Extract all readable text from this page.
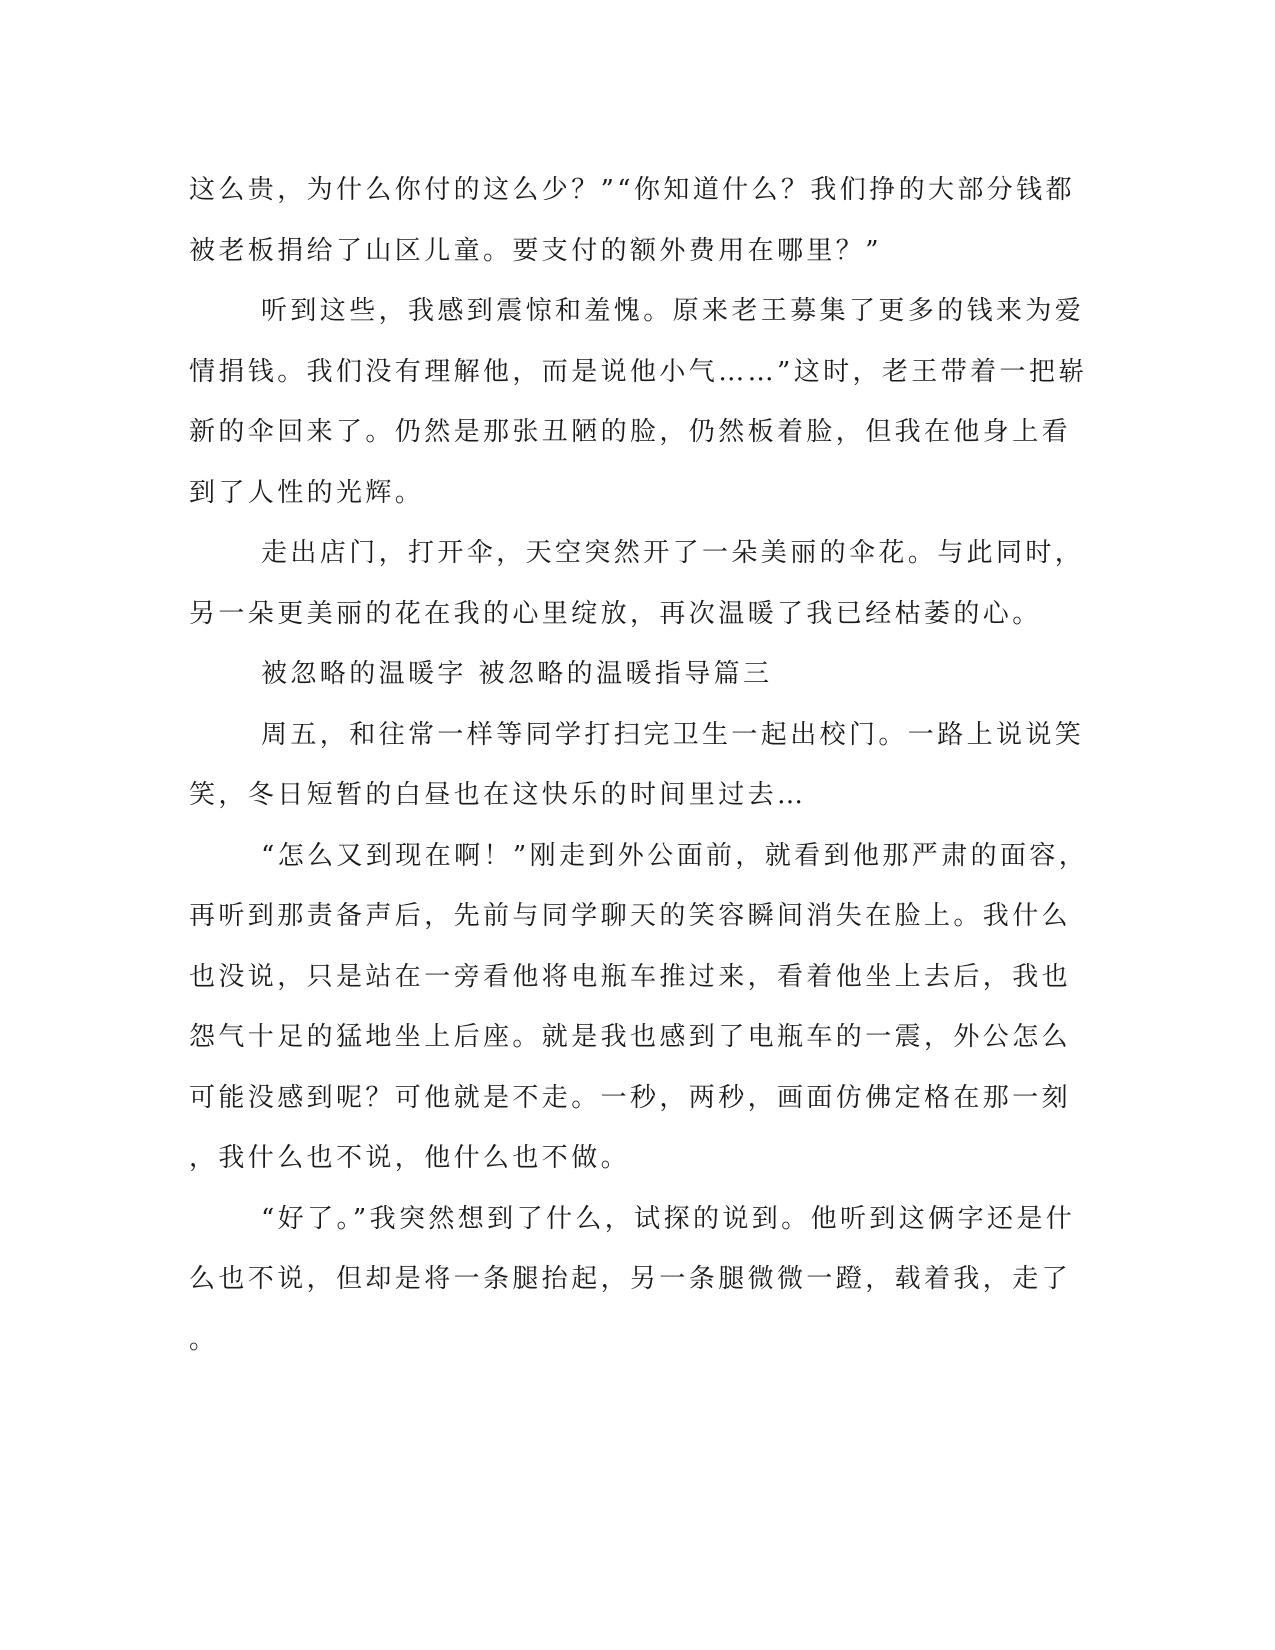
这么贵，为什么你付的这么少？”“你知道什么？我们挣的大部分钱都
被老板捐给了山区儿童。要支付的额外费用在哪里？”
听到这些，我感到震惊和羞愧。原来老王募集了更多的钱来为爱
情捐钱。我们没有理解他，而是说他小气……”这时，老王带着一把崭
新的伞回来了。仍然是那张丑陋的脸，仍然板着脸，但我在他身上看
到了人性的光辉。
走出店门，打开伞，天空突然开了一朵美丽的伞花。与此同时，
另一朵更美丽的花在我的心里绽放，再次温暖了我已经枯萎的心。
被忽略的温暖字 被忽略的温暖指导篇三
周五，和往常一样等同学打扫完卫生一起出校门。一路上说说笑
笑，冬日短暂的白昼也在这快乐的时间里过去…
“怎么又到现在啊！”刚走到外公面前，就看到他那严肃的面容，
再听到那责备声后，先前与同学聊天的笑容瞬间消失在脸上。我什么
也没说，只是站在一旁看他将电瓶车推过来，看着他坐上去后，我也
怨气十足的猛地坐上后座。就是我也感到了电瓶车的一震，外公怎么
可能没感到呢？可他就是不走。一秒，两秒，画面仿佛定格在那一刻
，我什么也不说，他什么也不做。
“好了。”我突然想到了什么，试探的说到。他听到这俩字还是什
么也不说，但却是将一条腿抬起，另一条腿微微一蹬，载着我，走了
。
